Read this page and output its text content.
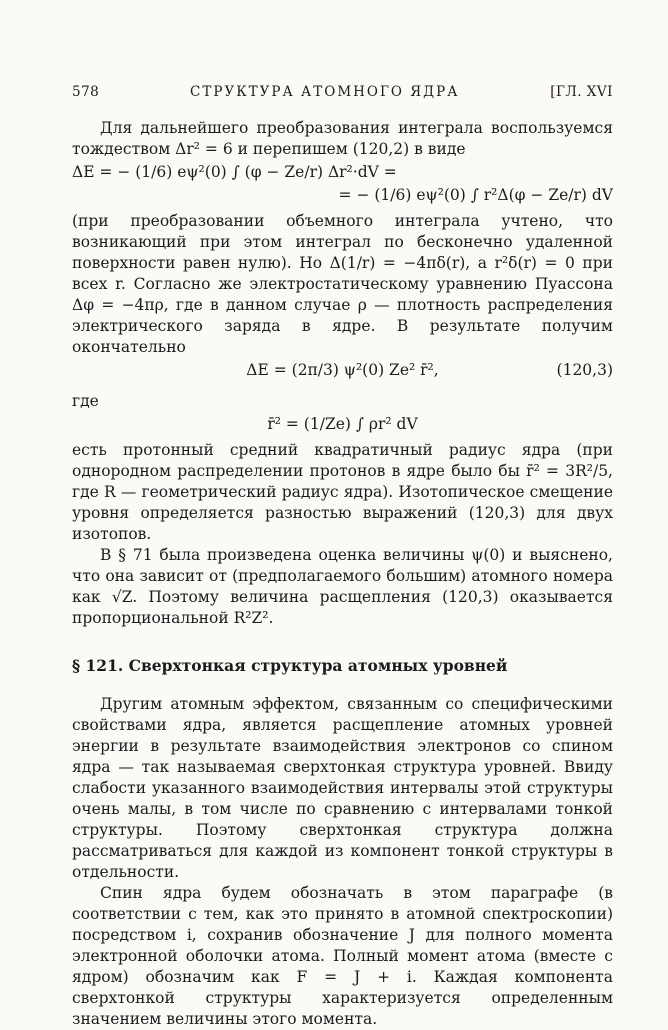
578	СТРУКТУРА АТОМНОГО ЯДРА	[ГЛ. XVI

Для дальнейшего преобразования интеграла воспользуемся тождеством Δr² = 6 и перепишем (120,2) в виде

ΔE = − (1/6) eψ²(0) ∫ (φ − Ze/r) Δr²·dV =
= − (1/6) eψ²(0) ∫ r²Δ(φ − Ze/r) dV

(при преобразовании объемного интеграла учтено, что возникающий при этом интеграл по бесконечно удаленной поверхности равен нулю). Но Δ(1/r) = −4πδ(r), а r²δ(r) = 0 при всех r. Согласно же электростатическому уравнению Пуассона Δφ = −4πρ, где в данном случае ρ — плотность распределения электрического заряда в ядре. В результате получим окончательно

ΔE = (2π/3) ψ²(0) Ze² r̄²,	(120,3)

где

r̄² = (1/Ze) ∫ ρr² dV

есть протонный средний квадратичный радиус ядра (при однородном распределении протонов в ядре было бы r̄² = 3R²/5, где R — геометрический радиус ядра). Изотопическое смещение уровня определяется разностью выражений (120,3) для двух изотопов.

В § 71 была произведена оценка величины ψ(0) и выяснено, что она зависит от (предполагаемого большим) атомного номера как √Z. Поэтому величина расщепления (120,3) оказывается пропорциональной R²Z².

§ 121. Сверхтонкая структура атомных уровней

Другим атомным эффектом, связанным со специфическими свойствами ядра, является расщепление атомных уровней энергии в результате взаимодействия электронов со спином ядра — так называемая сверхтонкая структура уровней. Ввиду слабости указанного взаимодействия интервалы этой структуры очень малы, в том числе по сравнению с интервалами тонкой структуры. Поэтому сверхтонкая структура должна рассматриваться для каждой из компонент тонкой структуры в отдельности.

Спин ядра будем обозначать в этом параграфе (в соответствии с тем, как это принято в атомной спектроскопии) посредством i, сохранив обозначение J для полного момента электронной оболочки атома. Полный момент атома (вместе с ядром) обозначим как F = J + i. Каждая компонента сверхтонкой структуры характеризуется определенным значением величины этого момента.
